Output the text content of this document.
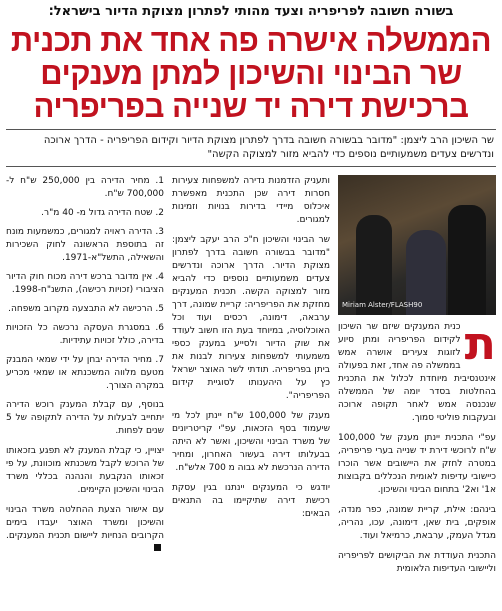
בשורה חשובה לפריפריה וצעד מהותי לפתרון מצוקת הדיור בישראל:
הממשלה אישרה פה אחד את תכנית
שר הבינוי והשיכון למתן מענקים
ברכישת דירה יד שנייה בפריפריה
שר השיכון הרב ליצמן: "מדובר בבשורה חשובה בדרך לפתרון מצוקת הדיור וקידום הפריפריה - הדרך ארוכה ונדרשים צעדים משמעותיים נוספים כדי להביא מזור למצוקה הקשה"
Miriam Alster/FLASH90
ת

כנית המענקים שיזם שר השיכון לקידום הפריפריה ומתן סיוע לזוגות צעירים אושרה אמש בממשלה פה אחד, זאת בפעולה אינטנסיבית מיוחדת לכלול את התכנית בהחלטות בסדר יומה של הממשלה שנכנסה אמש לאחר תקופה ארוכה ובעקבות פוליטי סמוך.

עפ"י התכנית יינתן מענק של 100,000 ש"ח לרוכשי דירת יד שנייה בערי פריפריה, במטרה לחזק את היישובים אשר הוכרו כיישובי עדיפות לאומית הנכללים בקבוצות א1' וא2' בתחום הבינוי והשיכון.

בינהם: אילת, קריית שמונה, כפר מנדה, אופקים, בית שאן, דימונה, עכו, נהריה, מגדל העמק, ערבאת, כרמיאל ועוד.

התכנית העודדת את הביקושים לפריפריה וליישובי העדיפות הלאומית

ותעניק הזדמנות נדירה למשפחות צעירות חסרות דירה שכן התכנית מאפשרת איכלוס מיידי בדירות בנויות וזמינות למגורים.

שר הבינוי והשיכון ח"כ הרב יעקב ליצמן: "מדובר בבשורה חשובה בדרך לפתרון מצוקת הדיור. הדרך ארוכה ונדרשים צעדים משמעותיים נוספים כדי להביא מזור למצוקה הקשה. תכנית המענקים מחזקת את הפריפריה: קריית שמונה, דרך ערבאה, דימונה, רכסים ועוד וכל האוכלוסיה, במיוחד בעת הזו חשוב לעודד את שוק הדיור ולסייע במענק כספי משמעותי למשפחות צעירות לבנות את ביתן בפריפריה. תודתי לשר האוצר ישראל כץ על היהענותו לסוגיית קידום הפריפריה".

מענק של 100,000 ש"ח יינתן לכל מי שיעמוד בסף הזכאות, עפ"י קריטריונים של משרד הבינוי והשיכון, ואשר לא היתה בבעלותו דירה בעשור האחרון, ומחיר הדירה הנרכשת לא גבוה מ 700 אלש"ח.

יודגש כי המענקים יינתנו בגין עסקת רכישת דירה שתיקיימו בה התנאים הבאים:

1. מחיר הדירה בין 250,000 ש"ח ל- 700,000 ש"ח.
2. שטח הדירה גדול מ- 40 מ"ר.
3. הדירה ראויה למגורים, כמשמעות מונח זה בתוספת הראשונה לחוק השכירות והשאילה, התשל"א-1971.
4. אין מדובר ברכש דירה מכוח חוק הדיור הציבורי (זכויות רכישה), התשנ"ח-1998.
5. הרכישה לא התבצעה מקרוב משפחה.
6. במסגרת העסקה נרכשה כל הזכויות בדירה, כולל זכויות עתידיות.
7. מחיר הדירה יבחן על ידי שמאי המבנק מטעם מלווה המשכנתא או שמאי מכריע במקרה הצורך.

בנוסף, עם קבלת המענק רוכש הדירה יתחייב לבעלות על הדירה לתקופה של 5 שנים לפחות.

יצויין, כי קבלת המענק לא תפגע בזכאותו של הרוכש לקבל משכנתא מוכוונת, על פי זכאותו הנקבעת והנהנה בכללי משרד הבינוי והשיכון הקיימים.

עם אישור הצעת ההחלטה משרד הבינוי והשיכון ומשרד האוצר יעבדו בימים הקרובים הנחיות ליישום תכנית המענקים.
